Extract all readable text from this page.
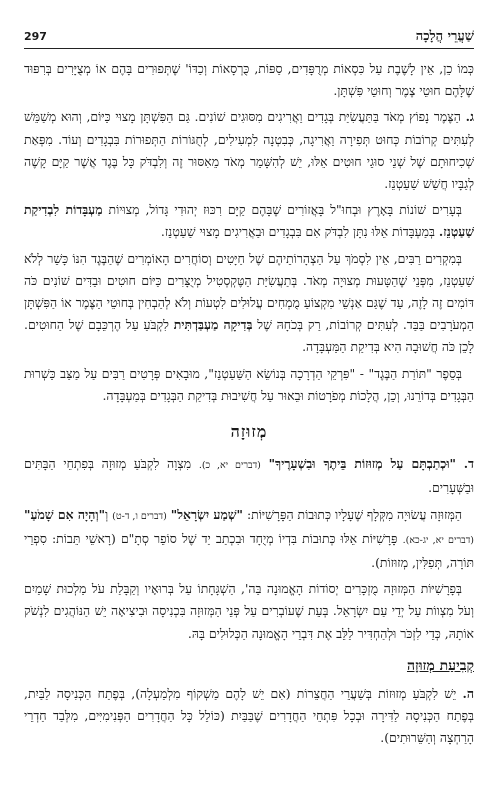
297	שַׁעֲרֵי הֲלָכָה

כְּמוֹ כֵן, אֵין לָשֶׁבֶת עַל כִּסְאוֹת מְרֻפָּדִים, סַפּוֹת, כֻּרְסָאוֹת וְכַדּוֹ' שֶׁתְּפוּרִים בָּהֶם אוֹ מְצֻיָּרִים בְּרִפּוּד שֶׁלָּהֶם חוּטֵי צֶמֶר וְחוּטֵי פִּשְׁתָּן.

ג. הַצֶּמֶר נָפוֹץ מְאֹד בַּתַּעֲשִׂיַּת בְּגָדִים וַאֲרִיגִים מִסּוּגִים שׁוֹנִים. גַּם הַפִּשְׁתָּן מָצוּי כַּיּוֹם, וְהוּא מְשַׁמֵּשׁ לְעִתִּים קְרוֹבוֹת כְּחוּט תְּפִירָה וַאֲרִיגָה, כְּבִטְנָה לִמְעִילִים, לְחֻגּוֹרוֹת הַתְּפוּרוֹת בִּבְגָדִים וְעוֹד. מִפְּאַת שְׁכִיחוּתָם שֶׁל שְׁנֵי סוּגֵי חוּטִים אֵלּוּ, יֵשׁ לְהִשָּׁמֵר מְאֹד מֵאִסּוּר זֶה וְלִבְדֹּק כָּל בֶּגֶד אֲשֶׁר קַיָּם קָשֶׁה לְגַבָּיו חֲשַׁשׁ שַׁעַטְנֵז.

בְּעָרִים שׁוֹנוֹת בָּאָרֶץ וּבְחוּ"ל בָּאֲזוֹרִים שֶׁבָּהֶם קַיָּם רִכּוּז יְהוּדִי גָּדוֹל, מְצוּיוֹת מַעְבָּדוֹת לִבְדִיקַת שַׁעַטְנֵז. בְּמַעְבָּדוֹת אֵלּוּ נִתָּן לִבְדֹּק אִם בִּבְגָדִים וּבַאֲרִיגִים מָצוּי שַׁעַטְנֵז.

בְּמִקְרִים רַבִּים, אֵין לִסְמֹךְ עַל הַצְהָרוֹתֵיהֶם שֶׁל חַיָּטִים וְסוֹחֲרִים הָאוֹמְרִים שֶׁהַבֶּגֶד הִנּוֹ כָּשֵׁר לְלֹא שַׁעַטְנֵז, מִפְּנֵי שֶׁהַטָּעוּת מְצוּיָה מְאֹד. בְּתַעֲשִׂיַּת הַטֶּקְסְטִיל מְיֻצָּרִים כַּיּוֹם חוּטִים וּבַדִּים שׁוֹנִים כֹּה דּוֹמִים זֶה לָזֶה, עַד שֶׁגַּם אַנְשֵׁי מִקְצוֹעַ מֻמְחִים עֲלוּלִים לִטְעוֹת וְלֹא לְהַבְחִין בְּחוּטֵי הַצֶּמֶר אוֹ הַפִּשְׁתָּן הַמְעֹרָבִים בַּבַּד. לְעִתִּים קְרוֹבוֹת, רַק בְּכֹחָהּ שֶׁל בְּדִיקָה מַעְבַּדְתִּית לִקְבֹּעַ עַל הֶרְכֵּבָם שֶׁל הַחוּטִים. לָכֵן כֹּה חֲשׁוּבָה הִיא בְּדִיקַת הַמַּעְבָּדָה.

בְּסֵפֶר "תּוֹרַת הַבֶּגֶד" - "פִּרְקֵי הַדְרָכָה בְּנוֹשֵׂא הַשַּׁעַטְנֵז", מוּבָאִים פְּרָטִים רַבִּים עַל מַצַּב כַּשְׁרוּת הַבְּגָדִים בְּדוֹרֵנוּ, וְכֵן, הֲלָכוֹת מְפֹרָטוֹת וּבֵאוּר עַל חֲשִׁיבוּת בְּדִיקַת הַבְּגָדִים בְּמַעְבָּדָה.

מְזוּזָה

ד. "וּכְתַבְתָּם עַל מְזוּזוֹת בֵּיתֶךָ וּבִשְׁעָרֶיךָ" (דברים יא, כ). מִצְוָה לִקְבֹּעַ מְזוּזָה בְּפִתְחֵי הַבָּתִּים וּבַשְּׁעָרִים.

הַמְּזוּזָה עֲשׂוּיָה מִקְּלָף שֶׁעָלָיו כְּתוּבוֹת הַפָּרָשִׁיּוֹת: "שְׁמַע יִשְׂרָאֵל" (דברים ו, ד-ט) וְ"וְהָיָה אִם שָׁמֹעַ" (דברים יא, יג-כא). פָּרָשִׁיּוֹת אֵלּוּ כְּתוּבוֹת בִּדְיוֹ מְיֻחָד וּבִכְתַב יַד שֶׁל סוֹפֵר סְתָ"ם (רָאשֵׁי תֵּבוֹת: סִפְרֵי תּוֹרָה, תְּפִלִּין, מְזוּזוֹת).

בְּפָרָשִׁיּוֹת הַמְּזוּזָה מֻזְכָּרִים יְסוֹדוֹת הָאֱמוּנָה בַּה', הַשְׁגָּחָתוֹ עַל בְּרוּאָיו וְקַבָּלַת עֹל מַלְכוּת שָׁמַיִם וְעֹל מִצְווֹת עַל יְדֵי עַם יִשְׂרָאֵל. בְּעֵת שֶׁעוֹבְרִים עַל פְּנֵי הַמְּזוּזָה בִּכְנִיסָה וּבִיצִיאָה יֵשׁ הַנּוֹהֲגִים לִנְשֹׁק אוֹתָהּ, כְּדֵי לִזְכֹּר וּלְהַחְדִּיר לַלֵּב אֶת דִּבְרֵי הָאֱמוּנָה הַכְּלוּלִים בָּהּ.

קְבִיעַת מְזוּזָה

ה. יֵשׁ לִקְבֹּעַ מְזוּזוֹת בְּשַׁעֲרֵי הַחֲצֵרוֹת (אִם יֵשׁ לָהֶם מַשְׁקוֹף מִלְמַעְלָה), בְּפֶתַח הַכְּנִיסָה לַבַּיִת, בְּפֶתַח הַכְּנִיסָה לַדִּירָה וּבְכָל פִּתְחֵי הַחֲדָרִים שֶׁבַּבַּיִת (כּוֹלֵל כָּל הַחֲדָרִים הַפְּנִימִיִּים, מִלְּבַד חַדְרֵי הָרַחְצָה וְהַשֵּׁרוּתִים).
